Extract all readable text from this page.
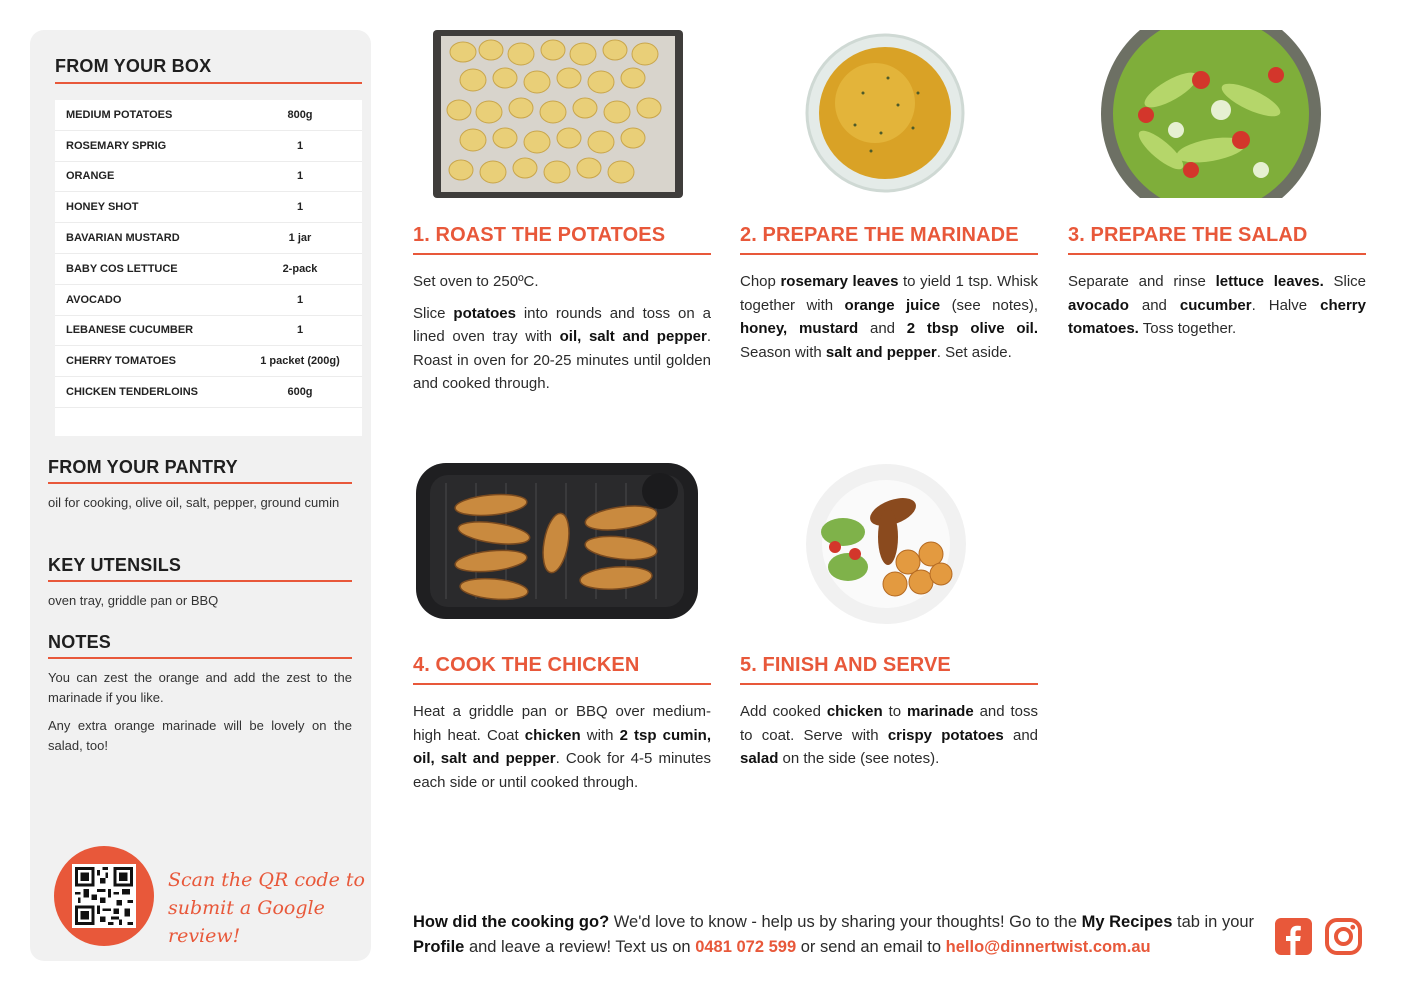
FROM YOUR BOX
MEDIUM POTATOES	800g
ROSEMARY SPRIG	1
ORANGE	1
HONEY SHOT	1
BAVARIAN MUSTARD	1 jar
BABY COS LETTUCE	2-pack
AVOCADO	1
LEBANESE CUCUMBER	1
CHERRY TOMATOES	1 packet (200g)
CHICKEN TENDERLOINS	600g
FROM YOUR PANTRY
oil for cooking, olive oil, salt, pepper, ground cumin
KEY UTENSILS
oven tray, griddle pan or BBQ
NOTES
You can zest the orange and add the zest to the marinade if you like.
Any extra orange marinade will be lovely on the salad, too!
Scan the QR code to
submit a Google review!
1. ROAST THE POTATOES

Set oven to 250ºC.

Slice potatoes into rounds and toss on a lined oven tray with oil, salt and pepper. Roast in oven for 20-25 minutes until golden and cooked through.

2. PREPARE THE MARINADE

Chop rosemary leaves to yield 1 tsp. Whisk together with orange juice (see notes), honey, mustard and 2 tbsp olive oil. Season with salt and pepper. Set aside.

3. PREPARE THE SALAD

Separate and rinse lettuce leaves. Slice avocado and cucumber. Halve cherry tomatoes. Toss together.

4. COOK THE CHICKEN

Heat a griddle pan or BBQ over medium-high heat. Coat chicken with 2 tsp cumin, oil, salt and pepper. Cook for 4-5 minutes each side or until cooked through.

5. FINISH AND SERVE

Add cooked chicken to marinade and toss to coat. Serve with crispy potatoes and salad on the side (see notes).

How did the cooking go? We'd love to know - help us by sharing your thoughts! Go to the My Recipes tab in your Profile and leave a review! Text us on 0481 072 599 or send an email to hello@dinnertwist.com.au
